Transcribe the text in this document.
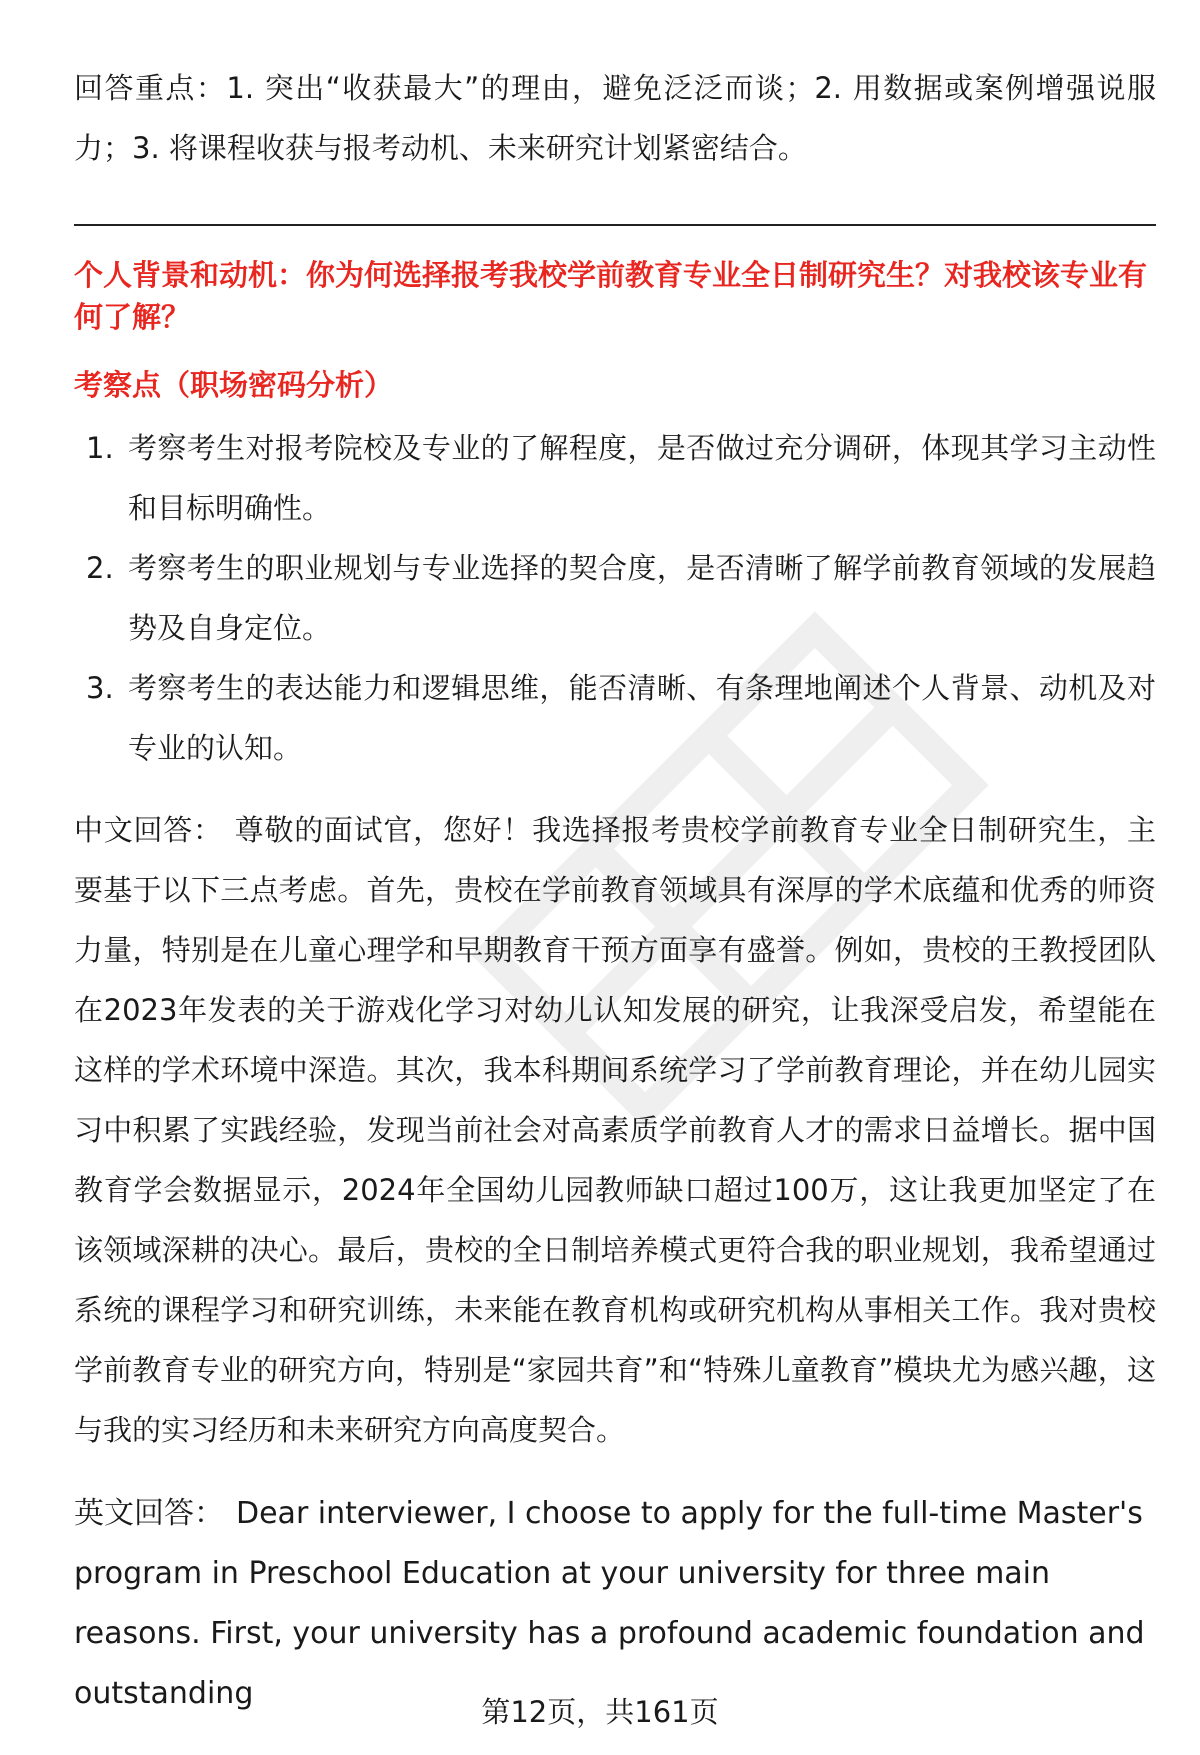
回答重点：1. 突出“收获最大”的理由，避免泛泛而谈；2. 用数据或案例增强说服力；3. 将课程收获与报考动机、未来研究计划紧密结合。

个人背景和动机：你为何选择报考我校学前教育专业全日制研究生？对我校该专业有何了解？
考察点（职场密码分析）
1. 考察考生对报考院校及专业的了解程度，是否做过充分调研，体现其学习主动性和目标明确性。
2. 考察考生的职业规划与专业选择的契合度，是否清晰了解学前教育领域的发展趋势及自身定位。
3. 考察考生的表达能力和逻辑思维，能否清晰、有条理地阐述个人背景、动机及对专业的认知。

中文回答： 尊敬的面试官，您好！我选择报考贵校学前教育专业全日制研究生，主要基于以下三点考虑。首先，贵校在学前教育领域具有深厚的学术底蕴和优秀的师资力量，特别是在儿童心理学和早期教育干预方面享有盛誉。例如，贵校的王教授团队在2023年发表的关于游戏化学习对幼儿认知发展的研究，让我深受启发，希望能在这样的学术环境中深造。其次，我本科期间系统学习了学前教育理论，并在幼儿园实习中积累了实践经验，发现当前社会对高素质学前教育人才的需求日益增长。据中国教育学会数据显示，2024年全国幼儿园教师缺口超过100万，这让我更加坚定了在该领域深耕的决心。最后，贵校的全日制培养模式更符合我的职业规划，我希望通过系统的课程学习和研究训练，未来能在教育机构或研究机构从事相关工作。我对贵校学前教育专业的研究方向，特别是“家园共育”和“特殊儿童教育”模块尤为感兴趣，这与我的实习经历和未来研究方向高度契合。

英文回答： Dear interviewer, I choose to apply for the full-time Master's program in Preschool Education at your university for three main reasons. First, your university has a profound academic foundation and outstanding

第12页，共161页
